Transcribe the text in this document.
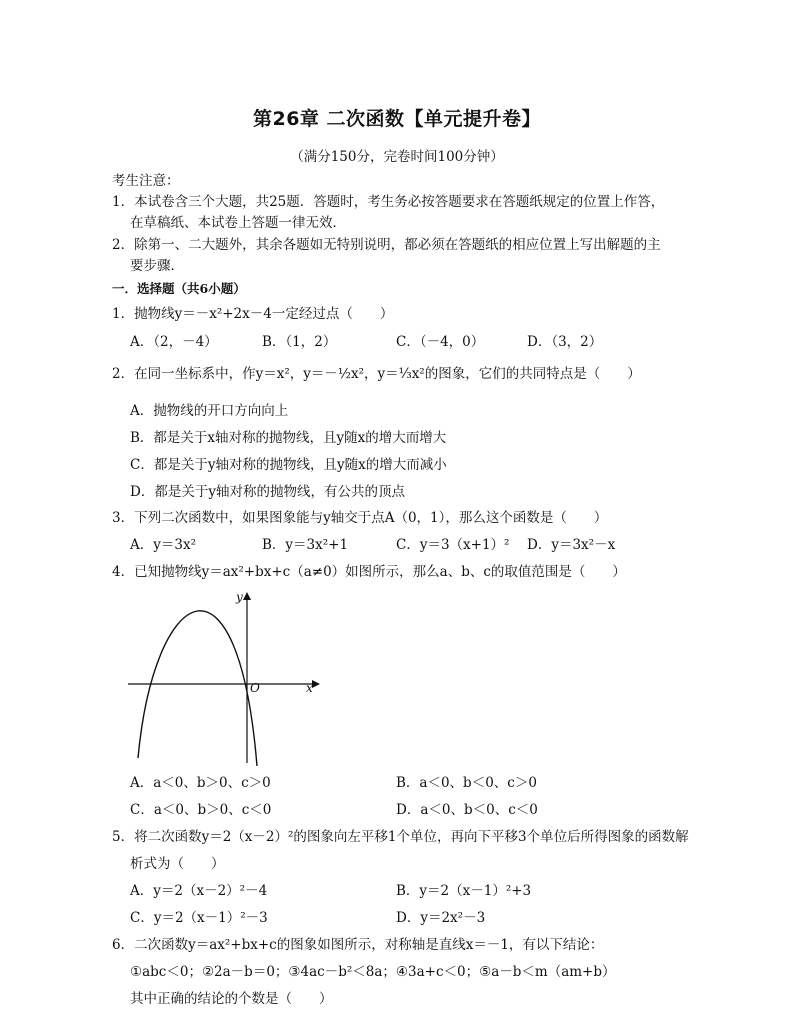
第26章 二次函数【单元提升卷】
（满分150分，完卷时间100分钟）
考生注意：
1．本试卷含三个大题，共25题．答题时，考生务必按答题要求在答题纸规定的位置上作答，
在草稿纸、本试卷上答题一律无效．
2．除第一、二大题外，其余各题如无特别说明，都必须在答题纸的相应位置上写出解题的主
要步骤．
一．选择题（共6小题）
1．抛物线y＝－x²+2x－4一定经过点（　　）
A．（2，－4）	B．（1，2）	C．（－4，0）	D．（3，2）
2．在同一坐标系中，作y＝x²，y＝－½x²，y＝⅓x²的图象，它们的共同特点是（　　）
A．抛物线的开口方向向上
B．都是关于x轴对称的抛物线，且y随x的增大而增大
C．都是关于y轴对称的抛物线，且y随x的增大而减小
D．都是关于y轴对称的抛物线，有公共的顶点
3．下列二次函数中，如果图象能与y轴交于点A（0，1），那么这个函数是（　　）
A．y＝3x²	B．y＝3x²+1	C．y＝3（x+1）² D．y＝3x²－x
4．已知抛物线y＝ax²+bx+c（a≠0）如图所示，那么a、b、c的取值范围是（　　）
x
y
O
A．a＜0、b＞0、c＞0	B．a＜0、b＜0、c＞0
C．a＜0、b＞0、c＜0	D．a＜0、b＜0、c＜0
5．将二次函数y＝2（x－2）²的图象向左平移1个单位，再向下平移3个单位后所得图象的函数解
析式为（　　）
A．y＝2（x－2）²－4	B．y＝2（x－1）²+3
C．y＝2（x－1）²－3	D．y＝2x²－3
6．二次函数y＝ax²+bx+c的图象如图所示，对称轴是直线x＝－1，有以下结论：
①abc＜0；②2a－b＝0；③4ac－b²＜8a；④3a+c＜0；⑤a－b＜m（am+b）
其中正确的结论的个数是（　　）
